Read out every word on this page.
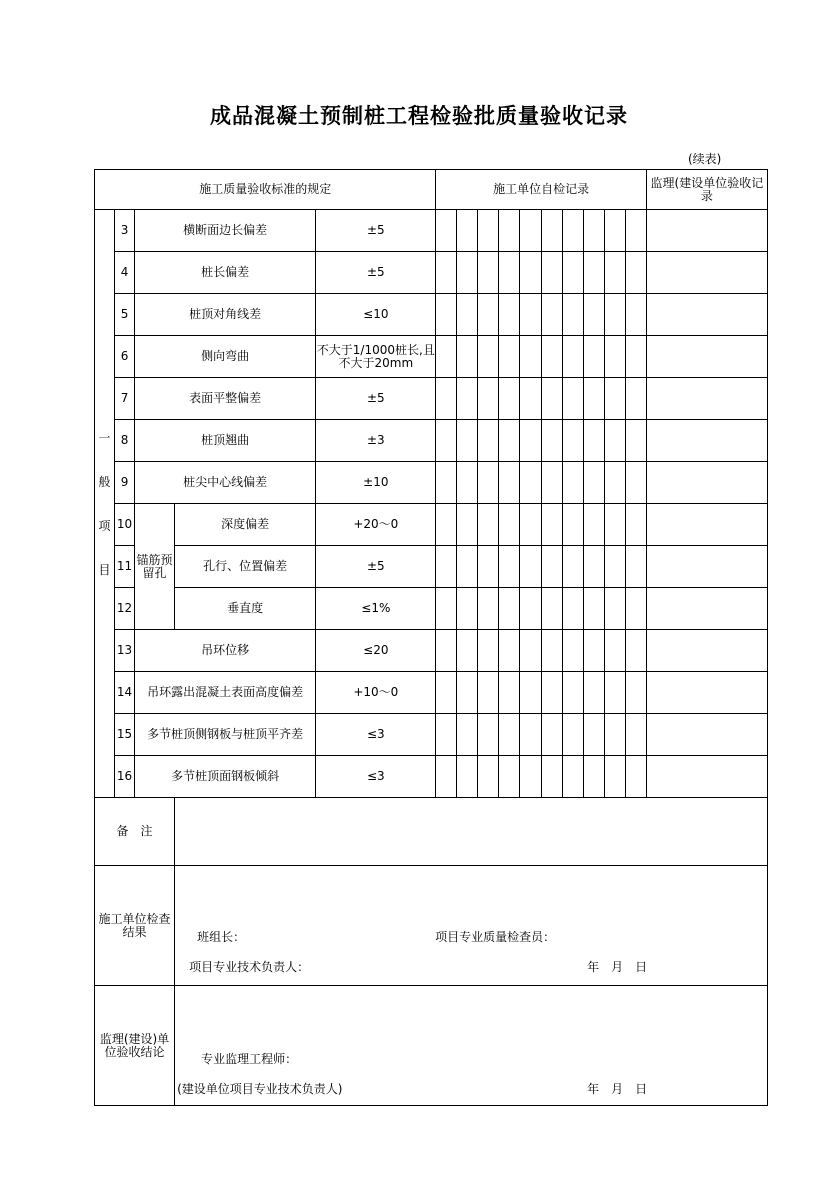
成品混凝土预制桩工程检验批质量验收记录
(续表)
施工质量验收标准的规定					施工单位自检记录										监理(建设单位验收记录
一般项目	3	横断面边长偏差		±5											
	4	桩长偏差		±5											
	5	桩顶对角线差		≤10											
	6	侧向弯曲		不大于1/1000桩长,且不大于20mm											
	7	表面平整偏差		±5											
	8	桩顶翘曲		±3											
	9	桩尖中心线偏差		±10											
	10	锚筋预留孔	深度偏差	+20～0											
	11		孔行、位置偏差	±5											
	12		垂直度	≤1%											
	13	吊环位移		≤20											
	14	吊环露出混凝土表面高度偏差		+10～0											
	15	多节桩顶侧钢板与桩顶平齐差		≤3											
	16	多节桩顶面钢板倾斜		≤3											
备注															
施工单位检查结果			班组长： 项目专业质量检查员：
项目专业技术负责人： 年　月　日												

监理(建设)单位验收结论			专业监理工程师：
(建设单位项目专业技术负责人) 年　月　日												
